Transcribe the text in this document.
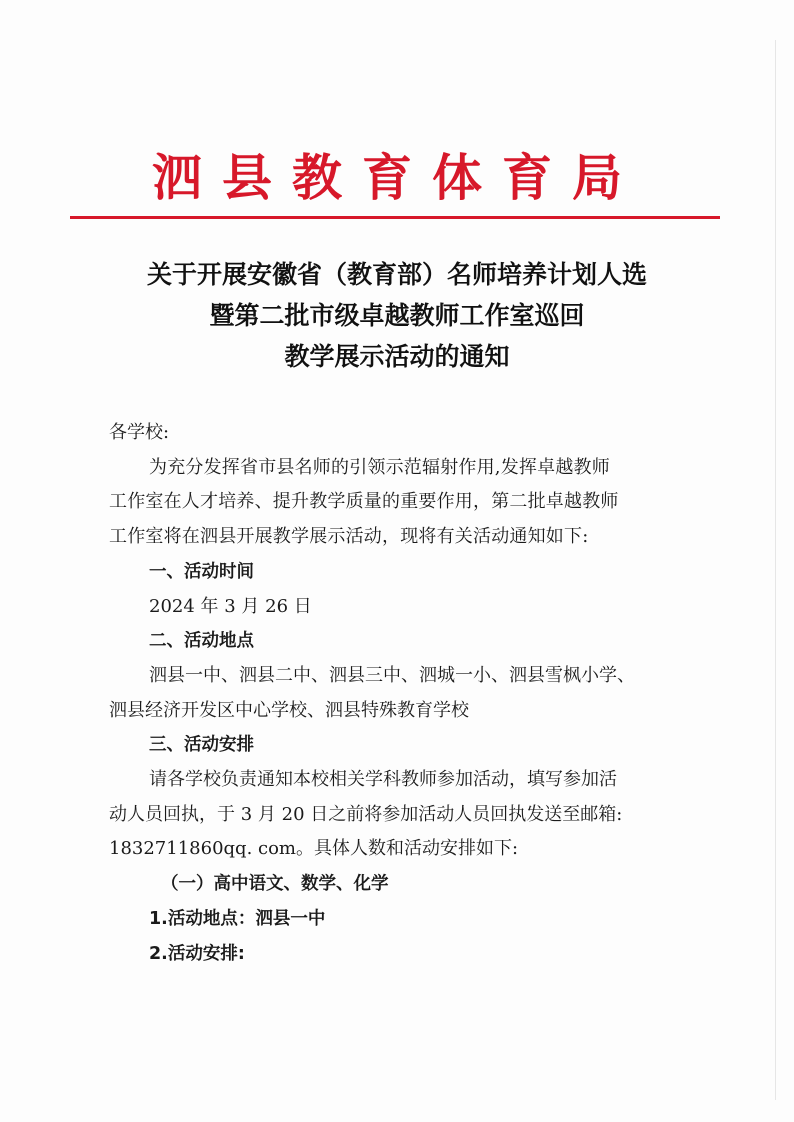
泗县教育体育局
关于开展安徽省（教育部）名师培养计划人选
暨第二批市级卓越教师工作室巡回
教学展示活动的通知

各学校:

为充分发挥省市县名师的引领示范辐射作用,发挥卓越教师

工作室在人才培养、提升教学质量的重要作用，第二批卓越教师

工作室将在泗县开展教学展示活动，现将有关活动通知如下:

一、活动时间

2024 年 3 月 26 日

二、活动地点

泗县一中、泗县二中、泗县三中、泗城一小、泗县雪枫小学、

泗县经济开发区中心学校、泗县特殊教育学校

三、活动安排

请各学校负责通知本校相关学科教师参加活动，填写参加活

动人员回执，于 3 月 20 日之前将参加活动人员回执发送至邮箱:

1832711860qq. com。具体人数和活动安排如下:

（一）高中语文、数学、化学

1.活动地点：泗县一中

2.活动安排:
